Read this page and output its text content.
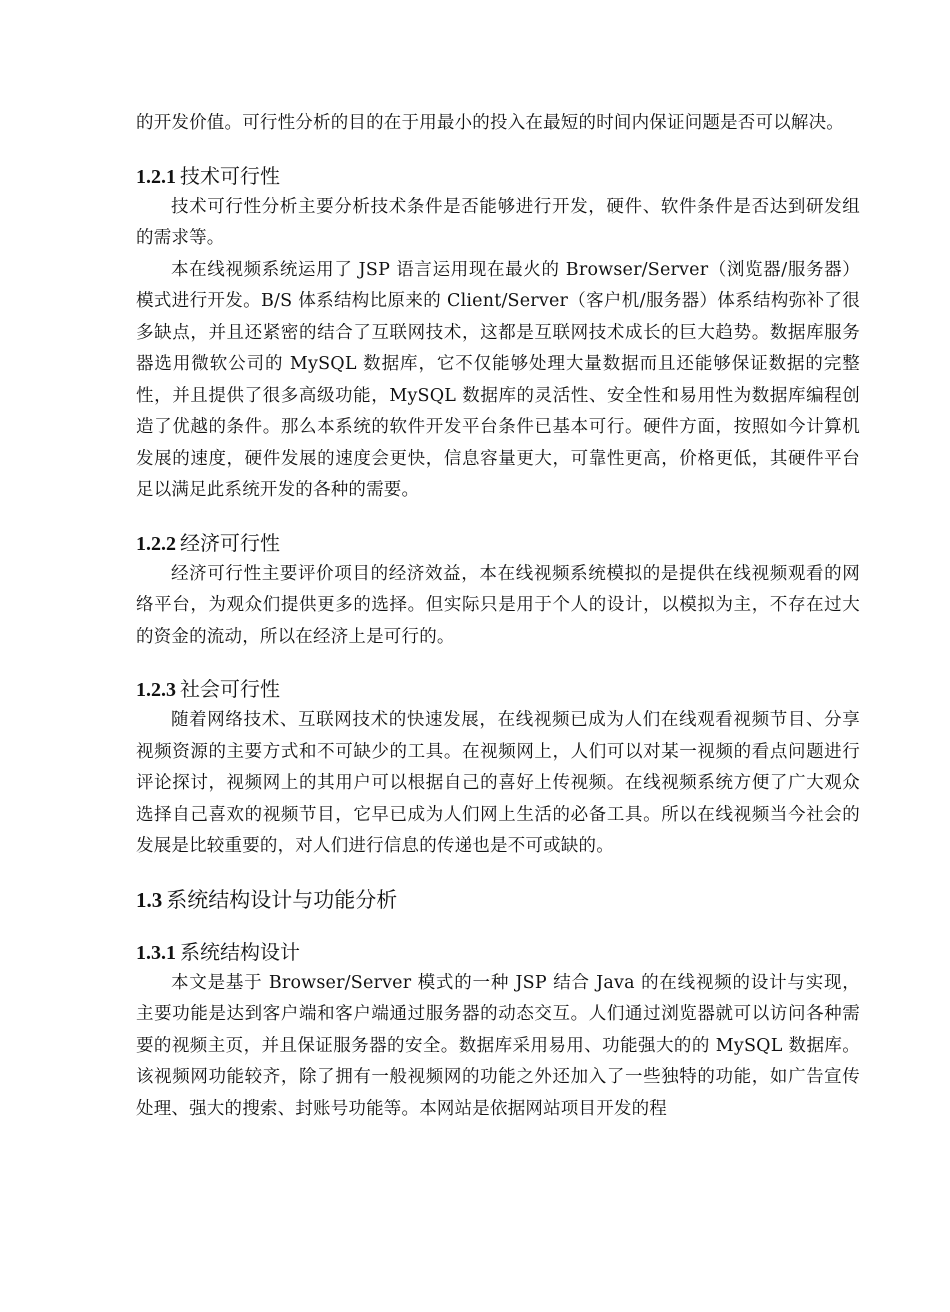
的开发价值。可行性分析的目的在于用最小的投入在最短的时间内保证问题是否可以解决。

1.2.1 技术可行性

技术可行性分析主要分析技术条件是否能够进行开发，硬件、软件条件是否达到研发组的需求等。

本在线视频系统运用了 JSP 语言运用现在最火的 Browser/Server（浏览器/服务器）模式进行开发。B/S 体系结构比原来的 Client/Server（客户机/服务器）体系结构弥补了很多缺点，并且还紧密的结合了互联网技术，这都是互联网技术成长的巨大趋势。数据库服务器选用微软公司的 MySQL 数据库，它不仅能够处理大量数据而且还能够保证数据的完整性，并且提供了很多高级功能，MySQL 数据库的灵活性、安全性和易用性为数据库编程创造了优越的条件。那么本系统的软件开发平台条件已基本可行。硬件方面，按照如今计算机发展的速度，硬件发展的速度会更快，信息容量更大，可靠性更高，价格更低，其硬件平台足以满足此系统开发的各种的需要。

1.2.2 经济可行性

经济可行性主要评价项目的经济效益，本在线视频系统模拟的是提供在线视频观看的网络平台，为观众们提供更多的选择。但实际只是用于个人的设计，以模拟为主，不存在过大的资金的流动，所以在经济上是可行的。

1.2.3 社会可行性

随着网络技术、互联网技术的快速发展，在线视频已成为人们在线观看视频节目、分享视频资源的主要方式和不可缺少的工具。在视频网上，人们可以对某一视频的看点问题进行评论探讨，视频网上的其用户可以根据自己的喜好上传视频。在线视频系统方便了广大观众选择自己喜欢的视频节目，它早已成为人们网上生活的必备工具。所以在线视频当今社会的发展是比较重要的，对人们进行信息的传递也是不可或缺的。

1.3 系统结构设计与功能分析
1.3.1 系统结构设计

本文是基于 Browser/Server 模式的一种 JSP 结合 Java 的在线视频的设计与实现，主要功能是达到客户端和客户端通过服务器的动态交互。人们通过浏览器就可以访问各种需要的视频主页，并且保证服务器的安全。数据库采用易用、功能强大的的 MySQL 数据库。该视频网功能较齐，除了拥有一般视频网的功能之外还加入了一些独特的功能，如广告宣传处理、强大的搜索、封账号功能等。本网站是依据网站项目开发的程
